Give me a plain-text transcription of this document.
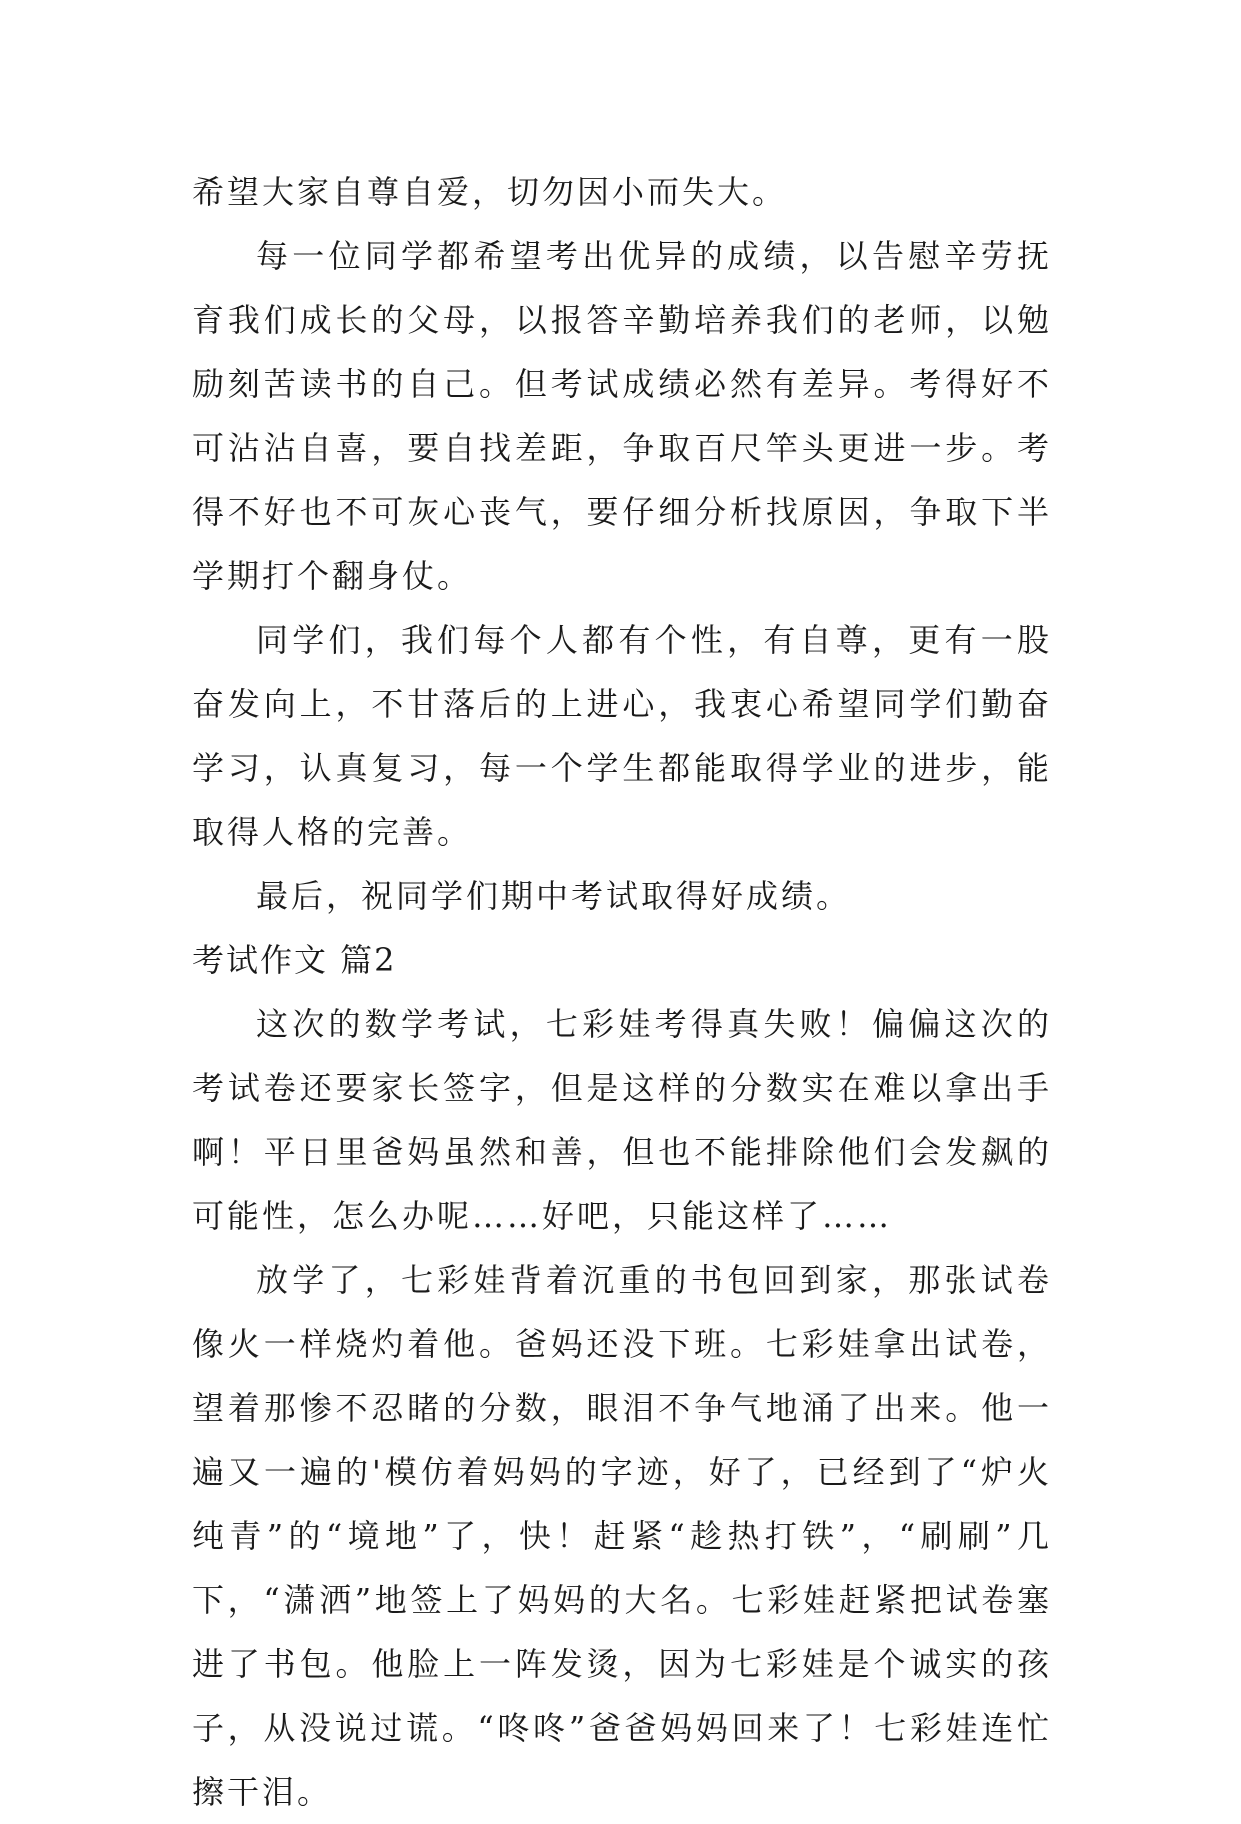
希望大家自尊自爱，切勿因小而失大。

每一位同学都希望考出优异的成绩，以告慰辛劳抚育我们成长的父母，以报答辛勤培养我们的老师，以勉励刻苦读书的自己。但考试成绩必然有差异。考得好不可沾沾自喜，要自找差距，争取百尺竿头更进一步。考得不好也不可灰心丧气，要仔细分析找原因，争取下半学期打个翻身仗。

同学们，我们每个人都有个性，有自尊，更有一股奋发向上，不甘落后的上进心，我衷心希望同学们勤奋学习，认真复习，每一个学生都能取得学业的进步，能取得人格的完善。

最后，祝同学们期中考试取得好成绩。

考试作文 篇2

这次的数学考试，七彩娃考得真失败！偏偏这次的考试卷还要家长签字，但是这样的分数实在难以拿出手啊！平日里爸妈虽然和善，但也不能排除他们会发飙的可能性，怎么办呢……好吧，只能这样了……

放学了，七彩娃背着沉重的书包回到家，那张试卷像火一样烧灼着他。爸妈还没下班。七彩娃拿出试卷，望着那惨不忍睹的分数，眼泪不争气地涌了出来。他一遍又一遍的'模仿着妈妈的字迹，好了，已经到了“炉火纯青”的“境地”了，快！赶紧“趁热打铁”，“刷刷”几下，“潇洒”地签上了妈妈的大名。七彩娃赶紧把试卷塞进了书包。他脸上一阵发烫，因为七彩娃是个诚实的孩子，从没说过谎。“咚咚”爸爸妈妈回来了！七彩娃连忙擦干泪。
